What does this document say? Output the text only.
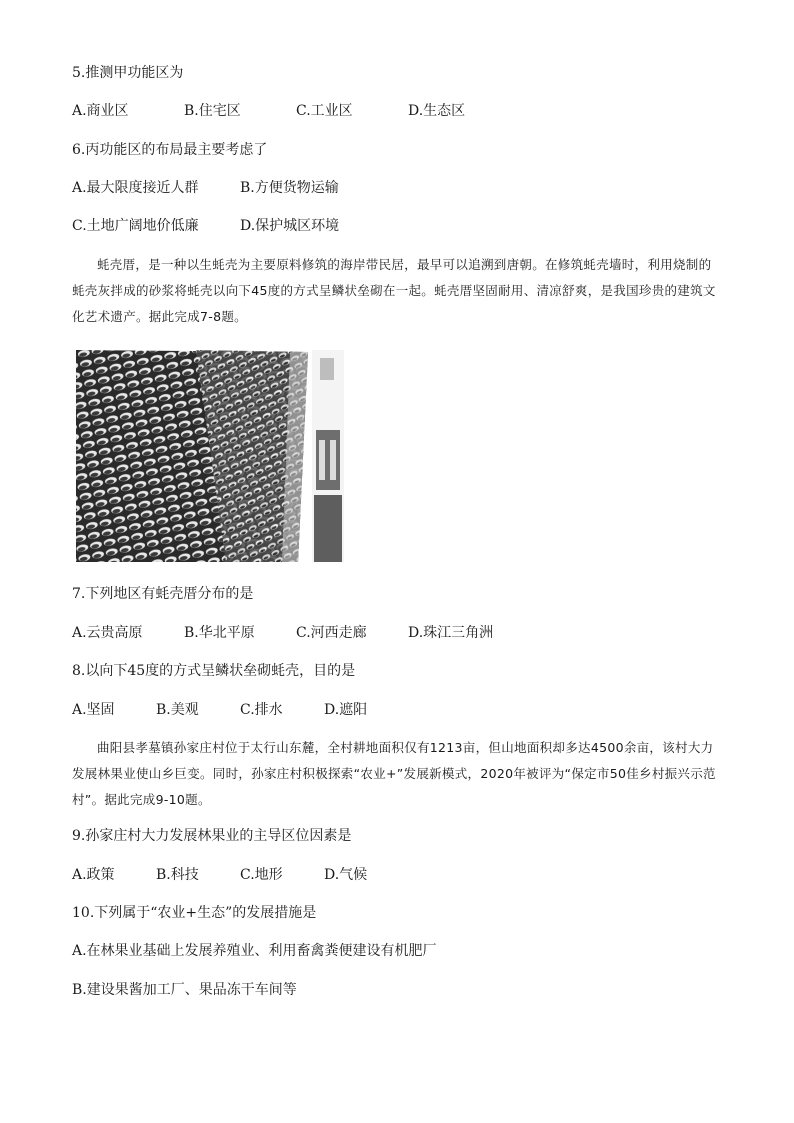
5.推测甲功能区为
A.商业区	B.住宅区	C.工业区	D.生态区
6.丙功能区的布局最主要考虑了
A.最大限度接近人群	B.方便货物运输
C.土地广阔地价低廉	D.保护城区环境

蚝壳厝，是一种以生蚝壳为主要原料修筑的海岸带民居，最早可以追溯到唐朝。在修筑蚝壳墙时，利用烧制的蚝壳灰拌成的砂浆将蚝壳以向下45度的方式呈鳞状垒砌在一起。蚝壳厝坚固耐用、清凉舒爽，是我国珍贵的建筑文化艺术遗产。据此完成7-8题。

7.下列地区有蚝壳厝分布的是
A.云贵高原	B.华北平原	C.河西走廊	D.珠江三角洲
8.以向下45度的方式呈鳞状垒砌蚝壳，目的是
A.坚固	B.美观	C.排水	D.遮阳

曲阳县孝墓镇孙家庄村位于太行山东麓，全村耕地面积仅有1213亩，但山地面积却多达4500余亩，该村大力发展林果业使山乡巨变。同时，孙家庄村积极探索“农业+”发展新模式，2020年被评为“保定市50佳乡村振兴示范村”。据此完成9-10题。

9.孙家庄村大力发展林果业的主导区位因素是
A.政策	B.科技	C.地形	D.气候
10.下列属于“农业+生态”的发展措施是
A.在林果业基础上发展养殖业、利用畜禽粪便建设有机肥厂
B.建设果酱加工厂、果品冻干车间等
